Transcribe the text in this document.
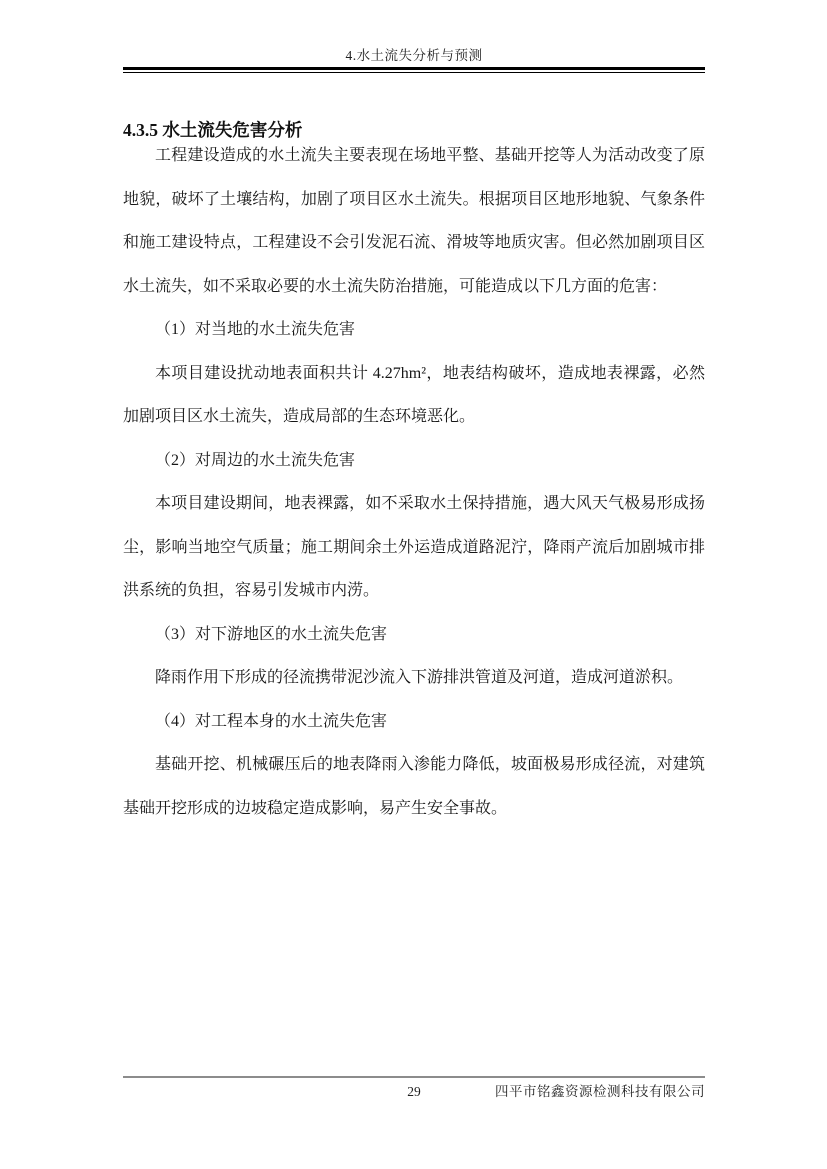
4.水土流失分析与预测
4.3.5 水土流失危害分析

工程建设造成的水土流失主要表现在场地平整、基础开挖等人为活动改变了原地貌，破坏了土壤结构，加剧了项目区水土流失。根据项目区地形地貌、气象条件和施工建设特点，工程建设不会引发泥石流、滑坡等地质灾害。但必然加剧项目区水土流失，如不采取必要的水土流失防治措施，可能造成以下几方面的危害：

（1）对当地的水土流失危害

本项目建设扰动地表面积共计 4.27hm²，地表结构破坏，造成地表裸露，必然加剧项目区水土流失，造成局部的生态环境恶化。

（2）对周边的水土流失危害

本项目建设期间，地表裸露，如不采取水土保持措施，遇大风天气极易形成扬尘，影响当地空气质量；施工期间余土外运造成道路泥泞，降雨产流后加剧城市排洪系统的负担，容易引发城市内涝。

（3）对下游地区的水土流失危害

降雨作用下形成的径流携带泥沙流入下游排洪管道及河道，造成河道淤积。

（4）对工程本身的水土流失危害

基础开挖、机械碾压后的地表降雨入渗能力降低，坡面极易形成径流，对建筑基础开挖形成的边坡稳定造成影响，易产生安全事故。

29	四平市铭鑫资源检测科技有限公司
